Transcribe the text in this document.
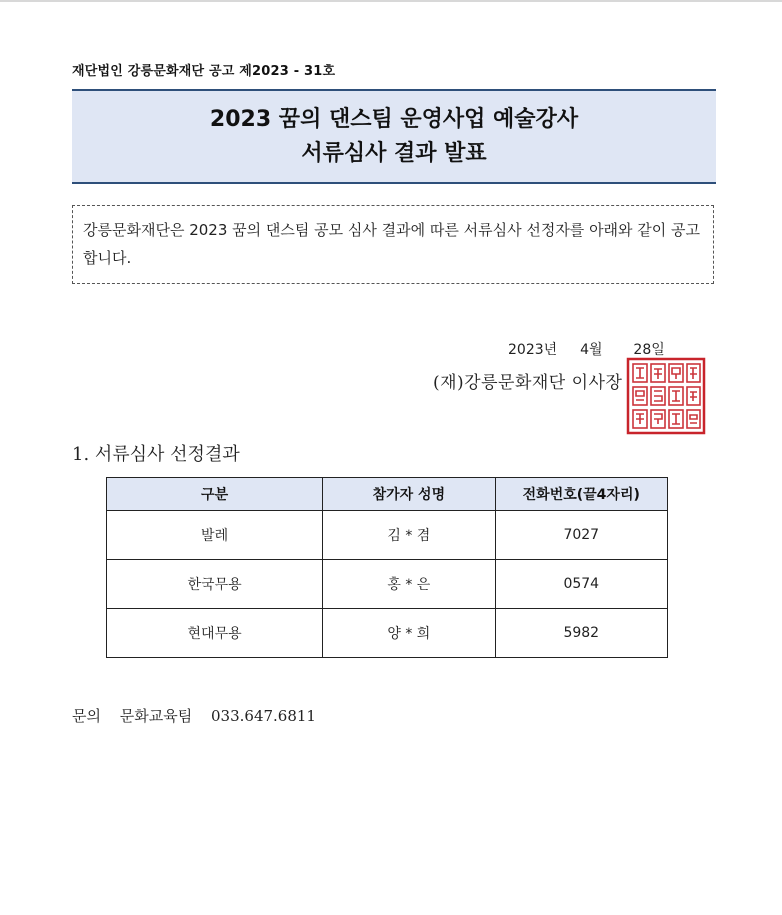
재단법인 강릉문화재단 공고 제2023 - 31호
2023 꿈의 댄스팀 운영사업 예술강사
서류심사 결과 발표
강릉문화재단은 2023 꿈의 댄스팀 공모 심사 결과에 따른 서류심사 선정자를 아래와 같이 공고합니다.
2023년 4월 28일
(재)강릉문화재단 이사장
1. 서류심사 선정결과
구분	참가자 성명	전화번호(끝4자리)
발레	김 * 겸	7027
한국무용	홍 * 은	0574
현대무용	양 * 희	5982
문의 문화교육팀 033.647.6811
